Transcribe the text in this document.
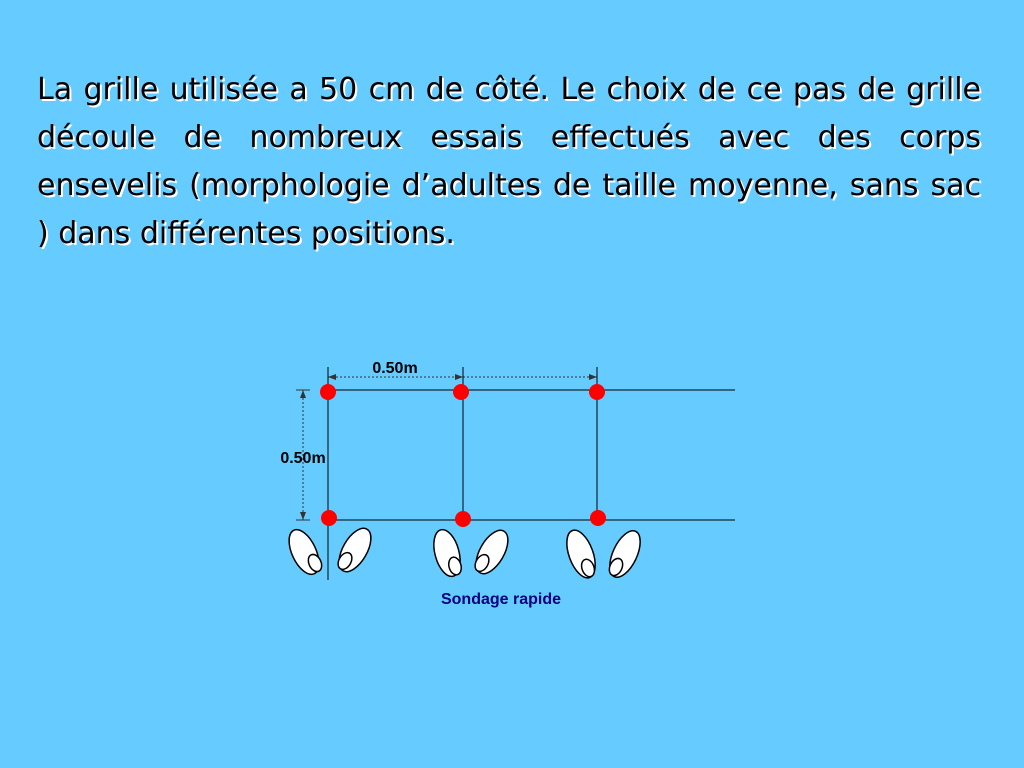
La grille utilisée a 50 cm de côté. Le choix de ce pas de grille découle de nombreux essais effectués avec des corps ensevelis (morphologie d’adultes de taille moyenne, sans sac ) dans différentes positions.

0.50m
0.50m
Sondage rapide
